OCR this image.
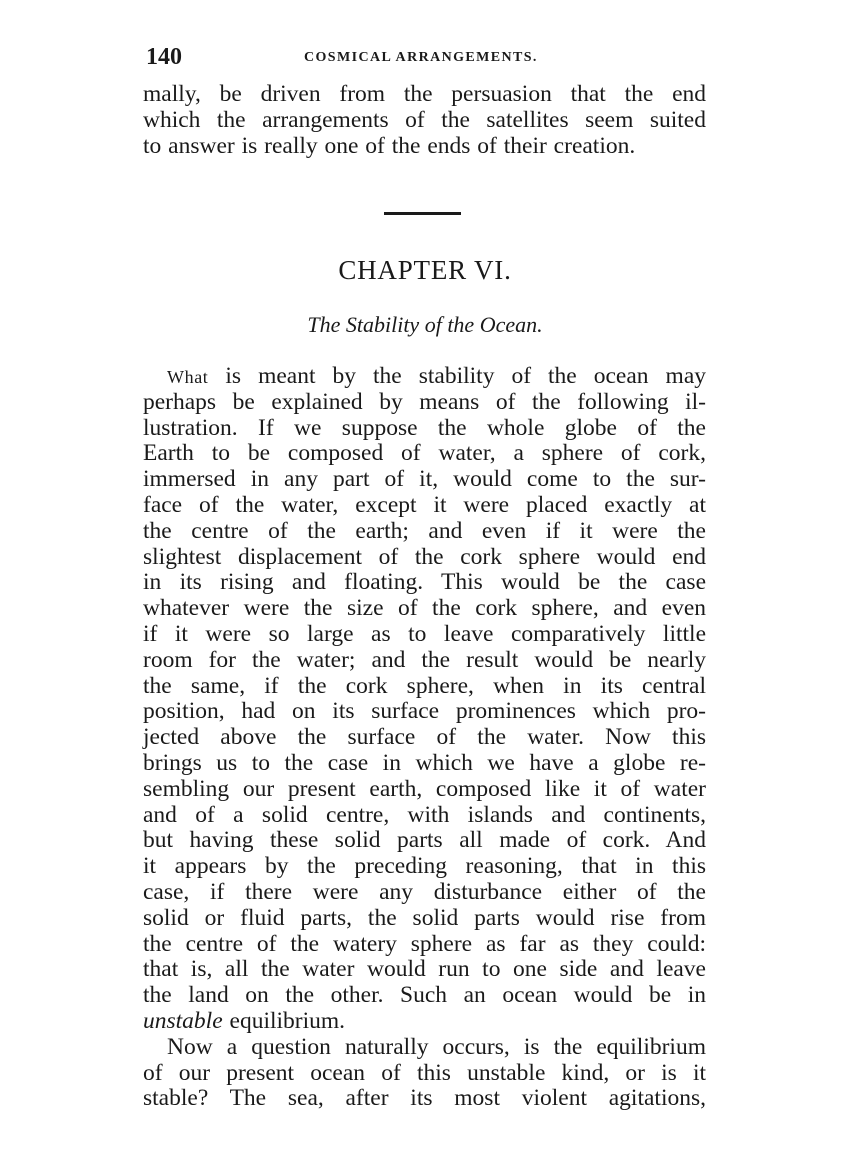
140	COSMICAL ARRANGEMENTS.
mally, be driven from the persuasion that the end
which the arrangements of the satellites seem suited
to answer is really one of the ends of their creation.
CHAPTER VI.
The Stability of the Ocean.
What is meant by the stability of the ocean may
perhaps be explained by means of the following il-
lustration. If we suppose the whole globe of the
Earth to be composed of water, a sphere of cork,
immersed in any part of it, would come to the sur-
face of the water, except it were placed exactly at
the centre of the earth; and even if it were the
slightest displacement of the cork sphere would end
in its rising and floating. This would be the case
whatever were the size of the cork sphere, and even
if it were so large as to leave comparatively little
room for the water; and the result would be nearly
the same, if the cork sphere, when in its central
position, had on its surface prominences which pro-
jected above the surface of the water. Now this
brings us to the case in which we have a globe re-
sembling our present earth, composed like it of water
and of a solid centre, with islands and continents,
but having these solid parts all made of cork. And
it appears by the preceding reasoning, that in this
case, if there were any disturbance either of the
solid or fluid parts, the solid parts would rise from
the centre of the watery sphere as far as they could:
that is, all the water would run to one side and leave
the land on the other. Such an ocean would be in
unstable equilibrium.
Now a question naturally occurs, is the equilibrium
of our present ocean of this unstable kind, or is it
stable? The sea, after its most violent agitations,
